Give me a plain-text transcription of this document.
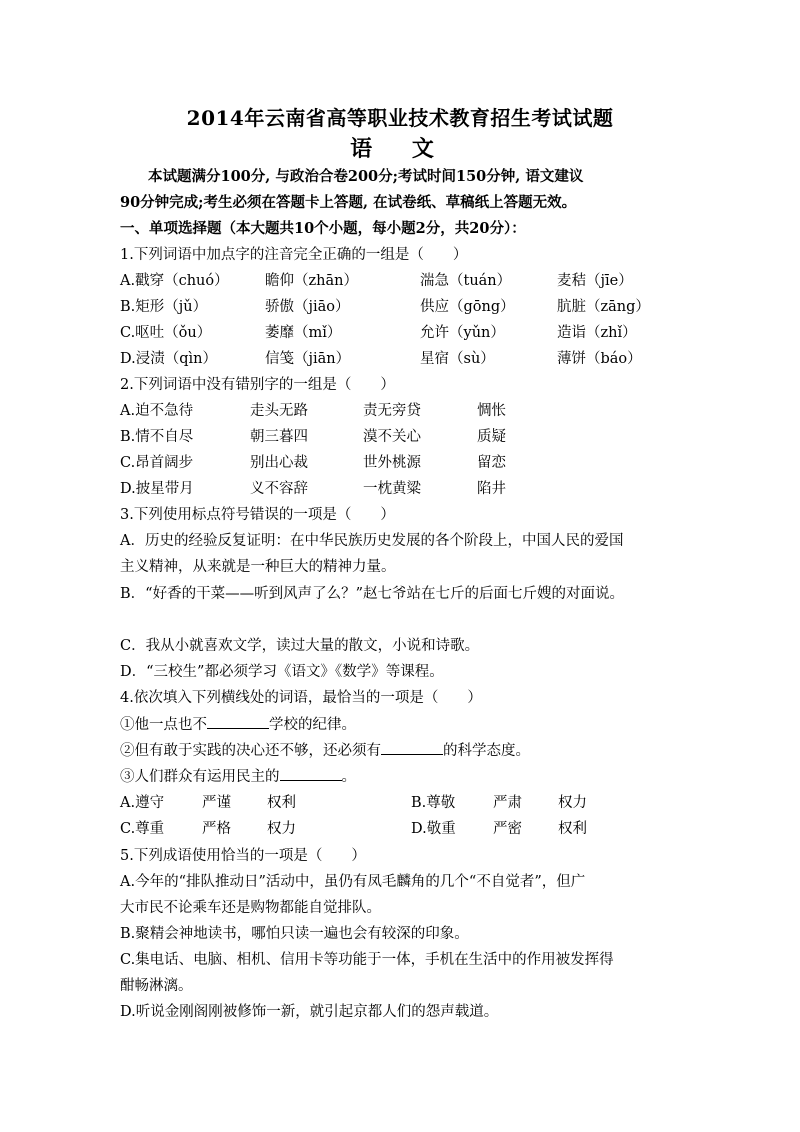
2014年云南省高等职业技术教育招生考试试题
语 文
本试题满分100分, 与政治合卷200分;考试时间150分钟, 语文建议
90分钟完成;考生必须在答题卡上答题, 在试卷纸、草稿纸上答题无效。
一、单项选择题（本大题共10个小题，每小题2分，共20分）：
1.下列词语中加点字的注音完全正确的一组是（　　）
A.戳穿（chuó）	瞻仰（zhān）	湍急（tuán）	麦秸（jīe）
B.矩形（jǔ）	骄傲（jiāo）	供应（gōng）	肮脏（zāng）
C.呕吐（ǒu）	萎靡（mǐ）	允许（yǔn）	造诣（zhǐ）
D.浸渍（qìn）	信笺（jiān）	星宿（sù）	薄饼（báo）
2.下列词语中没有错别字的一组是（　　）
A.迫不急待	走头无路	责无旁贷	惆怅
B.情不自尽	朝三暮四	漠不关心	质疑
C.昂首阔步	别出心裁	世外桃源	留恋
D.披星带月	义不容辞	一枕黄粱	陷井
3.下列使用标点符号错误的一项是（　　）
A．历史的经验反复证明：在中华民族历史发展的各个阶段上，中国人民的爱国
主义精神，从来就是一种巨大的精神力量。
B．“好香的干菜——听到风声了么？”赵七爷站在七斤的后面七斤嫂的对面说。
C．我从小就喜欢文学，读过大量的散文，小说和诗歌。
D．“三校生”都必须学习《语文》《数学》等课程。
4.依次填入下列横线处的词语，最恰当的一项是（　　）
①他一点也不	学校的纪律。
②但有敢于实践的决心还不够，还必须有	的科学态度。
③人们群众有运用民主的	。
A.遵守	严谨 权利	B.尊敬	严肃 权力
C.尊重	严格 权力	D.敬重	严密 权利
5.下列成语使用恰当的一项是（　　）
A.今年的“排队推动日”活动中，虽仍有凤毛麟角的几个“不自觉者”，但广
大市民不论乘车还是购物都能自觉排队。
B.聚精会神地读书，哪怕只读一遍也会有较深的印象。
C.集电话、电脑、相机、信用卡等功能于一体，手机在生活中的作用被发挥得
酣畅淋漓。
D.听说金刚阁刚被修饰一新，就引起京都人们的怨声载道。
